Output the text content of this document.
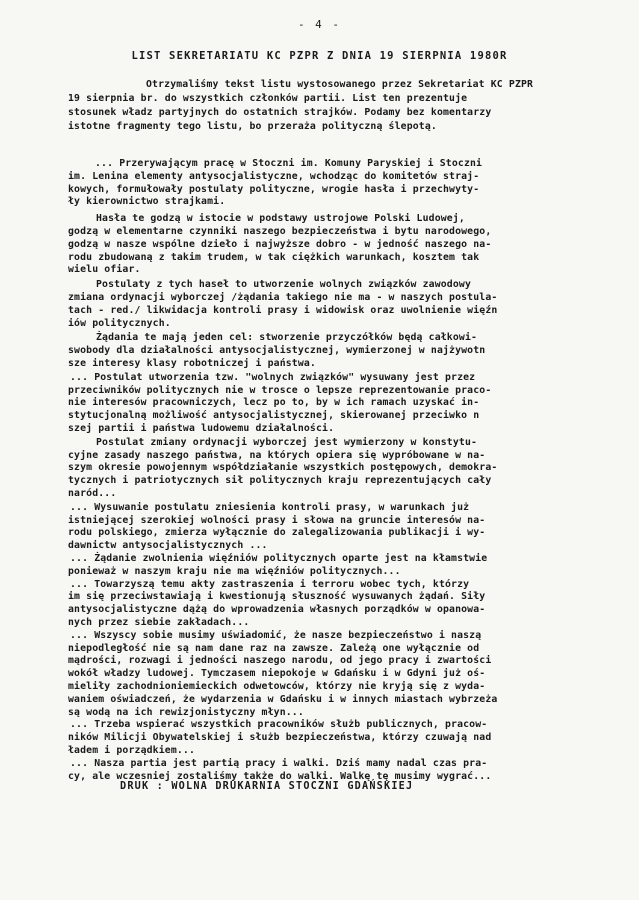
- 4 -
LIST SEKRETARIATU KC PZPR Z DNIA 19 SIERPNIA 1980R
Otrzymaliśmy tekst listu wystosowanego przez Sekretariat KC PZPR
19 sierpnia br. do wszystkich członków partii. List ten prezentuje
stosunek władz partyjnych do ostatnich strajków. Podamy bez komentarzy
istotne fragmenty tego listu, bo przeraża polityczną ślepotą.
... Przerywającym pracę w Stoczni im. Komuny Paryskiej i Stoczni
im. Lenina elementy antysocjalistyczne, wchodząc do komitetów straj-
kowych, formułowały postulaty polityczne, wrogie hasła i przechwyty-
ły kierownictwo strajkami.
Hasła te godzą w istocie w podstawy ustrojowe Polski Ludowej,
godzą w elementarne czynniki naszego bezpieczeństwa i bytu narodowego,
godzą w nasze wspólne dzieło i najwyższe dobro - w jedność naszego na-
rodu zbudowaną z takim trudem, w tak ciężkich warunkach, kosztem tak
wielu ofiar.
Postulaty z tych haseł to utworzenie wolnych związków zawodowy
zmiana ordynacji wyborczej /żądania takiego nie ma - w naszych postula-
tach - red./ likwidacja kontroli prasy i widowisk oraz uwolnienie więźn
iów politycznych.
Żądania te mają jeden cel: stworzenie przyczółków będą całkowi-
swobody dla działalności antysocjalistycznej, wymierzonej w najżywotn
sze interesy klasy robotniczej i państwa.
... Postulat utworzenia tzw. "wolnych związków" wysuwany jest przez
przeciwników politycznych nie w trosce o lepsze reprezentowanie praco-
nie interesów pracowniczych, lecz po to, by w ich ramach uzyskać in-
stytucjonalną możliwość antysocjalistycznej, skierowanej przeciwko n
szej partii i państwa ludowemu działalności.
Postulat zmiany ordynacji wyborczej jest wymierzony w konstytu-
cyjne zasady naszego państwa, na których opiera się wypróbowane w na-
szym okresie powojennym współdziałanie wszystkich postępowych, demokra-
tycznych i patriotycznych sił politycznych kraju reprezentujących cały
naród...
... Wysuwanie postulatu zniesienia kontroli prasy, w warunkach już
istniejącej szerokiej wolności prasy i słowa na gruncie interesów na-
rodu polskiego, zmierza wyłącznie do zalegalizowania publikacji i wy-
dawnictw antysocjalistycznych ...
... Żądanie zwolnienia więźniów politycznych oparte jest na kłamstwie
ponieważ w naszym kraju nie ma więźniów politycznych...
... Towarzyszą temu akty zastraszenia i terroru wobec tych, którzy
im się przeciwstawiają i kwestionują słuszność wysuwanych żądań. Siły
antysocjalistyczne dążą do wprowadzenia własnych porządków w opanowa-
nych przez siebie zakładach...
... Wszyscy sobie musimy uświadomić, że nasze bezpieczeństwo i naszą
niepodległość nie są nam dane raz na zawsze. Zależą one wyłącznie od
mądrości, rozwagi i jedności naszego narodu, od jego pracy i zwartości
wokół władzy ludowej. Tymczasem niepokoje w Gdańsku i w Gdyni już oś-
mieliły zachodnioniemieckich odwetowców, którzy nie kryją się z wyda-
waniem oświadczeń, że wydarzenia w Gdańsku i w innych miastach wybrzeża
są wodą na ich rewizjonistyczny młyn...
... Trzeba wspierać wszystkich pracowników służb publicznych, pracow-
ników Milicji Obywatelskiej i służb bezpieczeństwa, którzy czuwają nad
ładem i porządkiem...
... Nasza partia jest partią pracy i walki. Dziś mamy nadal czas pra-
cy, ale wczesniej zostaliśmy także do walki. Walkę tę musimy wygrać...
DRUK : WOLNA DRUKARNIA STOCZNI GDAŃSKIEJ
